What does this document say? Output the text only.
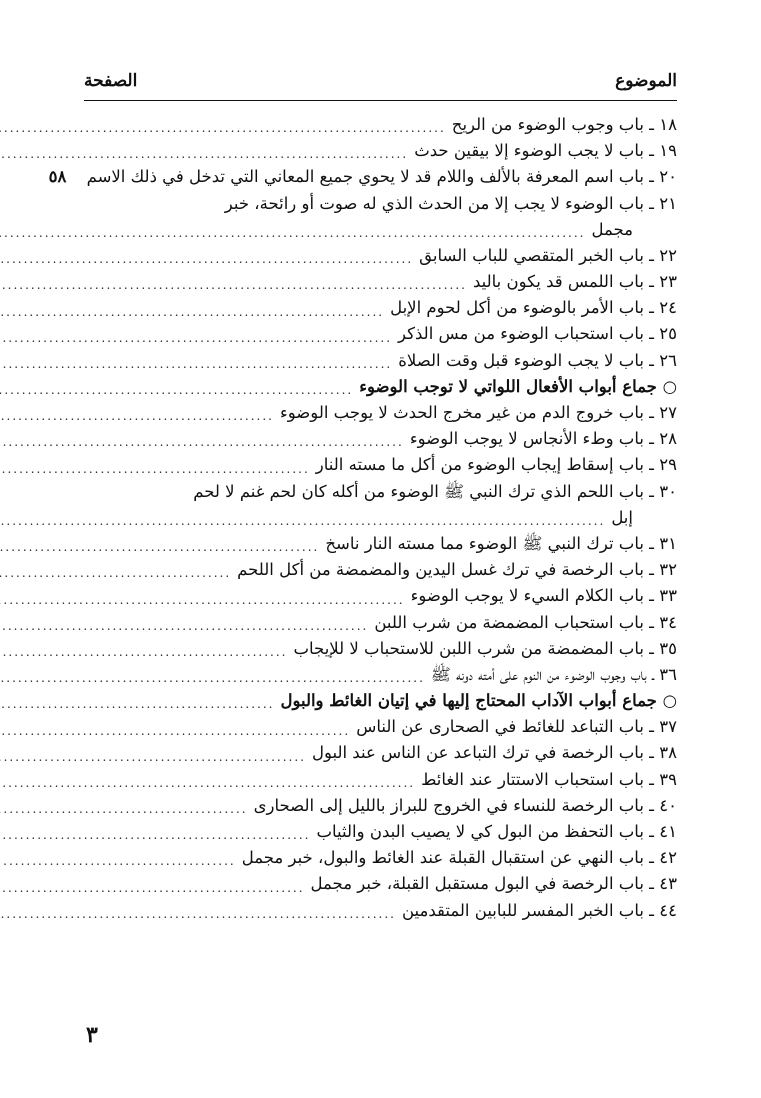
الموضوع
الصفحة
١٨ ـ باب وجوب الوضوء من الريح
.....
١٩ ـ باب لا يجب الوضوء إلا بيقين حدث
.....
٢٠ ـ باب اسم المعرفة بالألف واللام قد لا يحوي جميع المعاني التي تدخل في ذلك الاسم
٥٨
٢١ ـ باب الوضوء لا يجب إلا من الحدث الذي له صوت أو رائحة، خبر
مجمل
.....
٢٢ ـ باب الخبر المتقصي للباب السابق
.....
٢٣ ـ باب اللمس قد يكون باليد
.....
٢٤ ـ باب الأمر بالوضوء من أكل لحوم الإبل
.....
٢٥ ـ باب استحباب الوضوء من مس الذكر
.....
٢٦ ـ باب لا يجب الوضوء قبل وقت الصلاة
.....
○ جماع أبواب الأفعال اللواتي لا توجب الوضوء
.....
٢٧ ـ باب خروج الدم من غير مخرج الحدث لا يوجب الوضوء
.....
٢٨ ـ باب وطء الأنجاس لا يوجب الوضوء
.....
٢٩ ـ باب إسقاط إيجاب الوضوء من أكل ما مسته النار
.....
٣٠ ـ باب اللحم الذي ترك النبي ﷺ الوضوء من أكله كان لحم غنم لا لحم
إبل
.....
٣١ ـ باب ترك النبي ﷺ الوضوء مما مسته النار ناسخ
.....
٣٢ ـ باب الرخصة في ترك غسل اليدين والمضمضة من أكل اللحم
.....
٣٣ ـ باب الكلام السيء لا يوجب الوضوء
.....
٣٤ ـ باب استحباب المضمضة من شرب اللبن
.....
٣٥ ـ باب المضمضة من شرب اللبن للاستحباب لا للإيجاب
.....
٣٦ ـ باب وجوب الوضوء من النوم على أمته دونه ﷺ
.....
○ جماع أبواب الآداب المحتاج إليها في إتيان الغائط والبول
.....
٣٧ ـ باب التباعد للغائط في الصحارى عن الناس
.....
٣٨ ـ باب الرخصة في ترك التباعد عن الناس عند البول
.....
٣٩ ـ باب استحباب الاستتار عند الغائط
.....
٤٠ ـ باب الرخصة للنساء في الخروج للبراز بالليل إلى الصحارى
.....
٤١ ـ باب التحفظ من البول كي لا يصيب البدن والثياب
.....
٤٢ ـ باب النهي عن استقبال القبلة عند الغائط والبول، خبر مجمل
.....
٤٣ ـ باب الرخصة في البول مستقبل القبلة، خبر مجمل
.....
٤٤ ـ باب الخبر المفسر للبابين المتقدمين
.....
٣
